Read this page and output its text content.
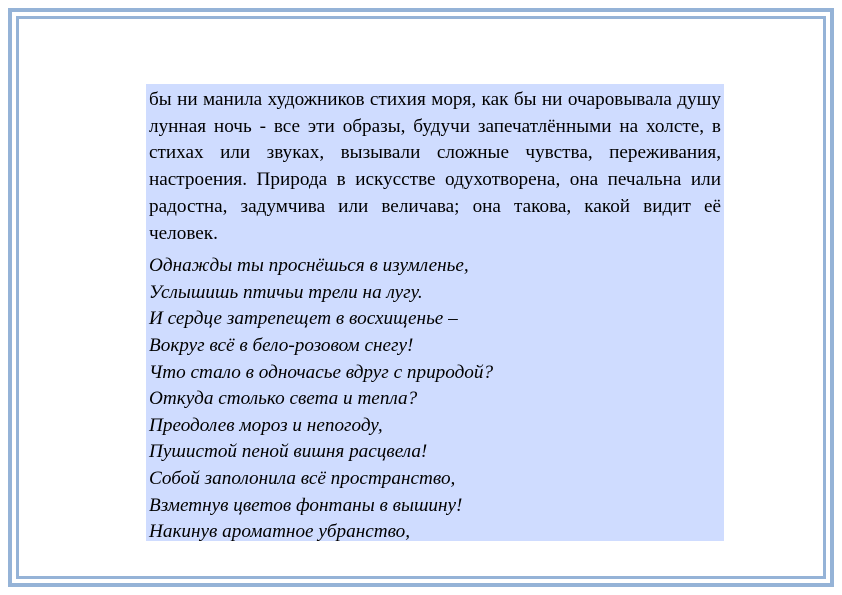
бы ни манила художников стихия моря, как бы ни очаровывала душу лунная ночь - все эти образы, будучи запечатлёнными на холсте, в стихах или звуках, вызывали сложные чувства, переживания, настроения. Природа в искусстве одухотворена, она печальна или радостна, задумчива или величава; она такова, какой видит её человек.

Однажды ты проснёшься в изумленье,
Услышишь птичьи трели на лугу.
И сердце затрепещет в восхищенье –
Вокруг всё в бело-розовом снегу!
Что стало в одночасье вдруг с природой?
Откуда столько света и тепла?
Преодолев мороз и непогоду,
Пушистой пеной вишня расцвела!
Собой заполонила всё пространство,
Взметнув цветов фонтаны в вышину!
Накинув ароматное убранство,
